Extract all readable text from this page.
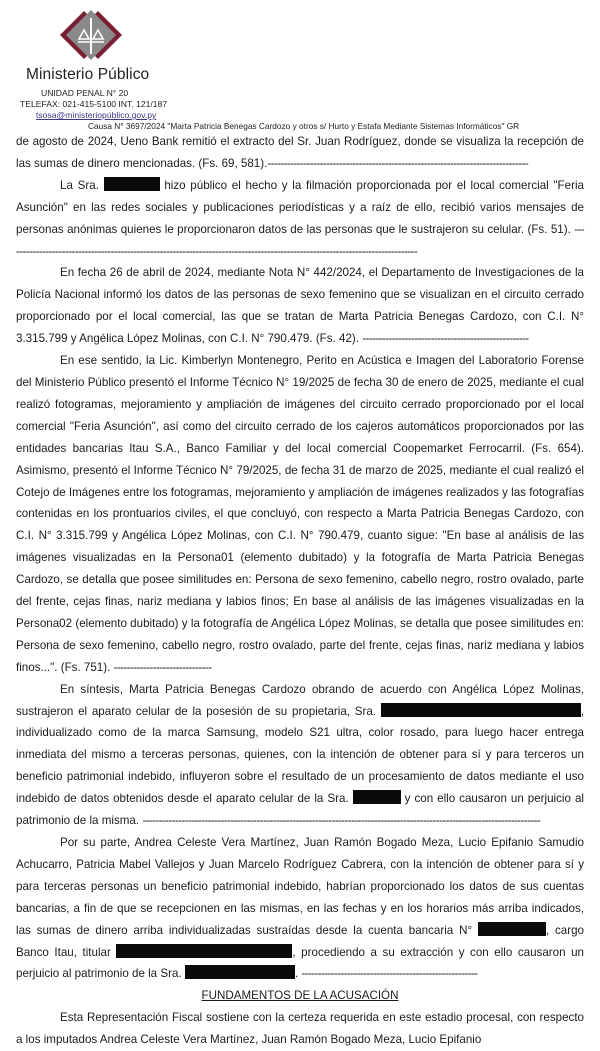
Ministerio Público
UNIDAD PENAL N° 20
TELEFAX: 021-415-5100 INT. 121/187
tsosa@ministeriopúblico.gov.py
Causa N° 3697/2024 "Marta Patricia Benegas Cardozo y otros s/ Hurto y Estafa Mediante Sistemas Informáticos" GR

de agosto de 2024, Ueno Bank remitió el extracto del Sr. Juan Rodríguez, donde se visualiza la recepción de las sumas de dinero mencionadas. (Fs. 69, 581).--------------------------------------------------------------------------------

La Sra.	hizo público el hecho y la filmación proporcionada por el local comercial "Feria Asunción" en las redes sociales y publicaciones periodísticas y a raíz de ello, recibió varios mensajes de personas anónimas quienes le proporcionaron datos de las personas que le sustrajeron su celular. (Fs. 51). ------------------------------------------------------------------------------------------------------------------------------

En fecha 26 de abril de 2024, mediante Nota N° 442/2024, el Departamento de Investigaciones de la Policía Nacional informó los datos de las personas de sexo femenino que se visualizan en el circuito cerrado proporcionado por el local comercial, las que se tratan de Marta Patricia Benegas Cardozo, con C.I. N° 3.315.799 y Angélica López Molinas, con C.I. N° 790.479. (Fs. 42). ---------------------------------------------------

En ese sentido, la Lic. Kimberlyn Montenegro, Perito en Acústica e Imagen del Laboratorio Forense del Ministerio Público presentó el Informe Técnico N° 19/2025 de fecha 30 de enero de 2025, mediante el cual realizó fotogramas, mejoramiento y ampliación de imágenes del circuito cerrado proporcionado por el local comercial "Feria Asunción", así como del circuito cerrado de los cajeros automáticos proporcionados por las entidades bancarias Itau S.A., Banco Familiar y del local comercial Coopemarket Ferrocarril. (Fs. 654). Asimismo, presentó el Informe Técnico N° 79/2025, de fecha 31 de marzo de 2025, mediante el cual realizó el Cotejo de Imágenes entre los fotogramas, mejoramiento y ampliación de imágenes realizados y las fotografías contenidas en los prontuarios civiles, el que concluyó, con respecto a Marta Patricia Benegas Cardozo, con C.I. N° 3.315.799 y Angélica López Molinas, con C.I. N° 790.479, cuanto sigue: "En base al análisis de las imágenes visualizadas en la Persona01 (elemento dubitado) y la fotografía de Marta Patricia Benegas Cardozo, se detalla que posee similitudes en: Persona de sexo femenino, cabello negro, rostro ovalado, parte del frente, cejas finas, nariz mediana y labios finos; En base al análisis de las imágenes visualizadas en la Persona02 (elemento dubitado) y la fotografía de Angélica López Molinas, se detalla que posee similitudes en: Persona de sexo femenino, cabello negro, rostro ovalado, parte del frente, cejas finas, nariz mediana y labios finos...". (Fs. 751). ------------------------------

En síntesis, Marta Patricia Benegas Cardozo obrando de acuerdo con Angélica López Molinas, sustrajeron el aparato celular de la posesión de su propietaria, Sra.	, individualizado como de la marca Samsung, modelo S21 ultra, color rosado, para luego hacer entrega inmediata del mismo a terceras personas, quienes, con la intención de obtener para sí y para terceros un beneficio patrimonial indebido, influyeron sobre el resultado de un procesamiento de datos mediante el uso indebido de datos obtenidos desde el aparato celular de la Sra.	y con ello causaron un perjuicio al patrimonio de la misma. --------------------------------------------------------------------------------------------------------------------------

Por su parte, Andrea Celeste Vera Martínez, Juan Ramón Bogado Meza, Lucio Epifanio Samudio Achucarro, Patricia Mabel Vallejos y Juan Marcelo Rodríguez Cabrera, con la intención de obtener para sí y para terceras personas un beneficio patrimonial indebido, habrían proporcionado los datos de sus cuentas bancarias, a fin de que se recepcionen en las mismas, en las fechas y en los horarios más arriba indicados, las sumas de dinero arriba individualizadas sustraídas desde la cuenta bancaria N°	, cargo Banco Itau, titular	, procediendo a su extracción y con ello causaron un perjuicio al patrimonio de la Sra.	. ------------------------------------------------------

FUNDAMENTOS DE LA ACUSACIÓN

Esta Representación Fiscal sostiene con la certeza requerida en este estadio procesal, con respecto a los imputados Andrea Celeste Vera Martínez, Juan Ramón Bogado Meza, Lucio Epifanio
